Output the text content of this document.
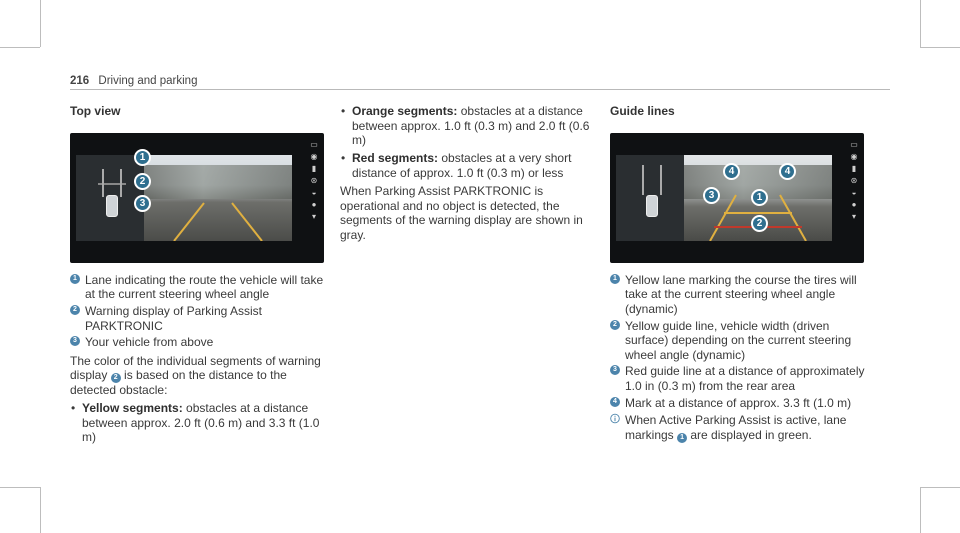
216 Driving and parking
Top view
▭
◉
▮
⊛
◒
●
▾
1
2
3
1 Lane indicating the route the vehicle will take at the current steering wheel angle
2 Warning display of Parking Assist PARKTRONIC
3 Your vehicle from above
The color of the individual segments of warning display 2 is based on the distance to the detected obstacle:
• Yellow segments: obstacles at a distance between approx. 2.0 ft (0.6 m) and 3.3 ft (1.0 m)
• Orange segments: obstacles at a distance between approx. 1.0 ft (0.3 m) and 2.0 ft (0.6 m)
• Red segments: obstacles at a very short distance of approx. 1.0 ft (0.3 m) or less
When Parking Assist PARKTRONIC is operational and no object is detected, the segments of the warning display are shown in gray.
Guide lines
▭
◉
▮
⊛
◒
●
▾
4	4
3	1
2
1 Yellow lane marking the course the tires will take at the current steering wheel angle (dynamic)
2 Yellow guide line, vehicle width (driven surface) depending on the current steering wheel angle (dynamic)
3 Red guide line at a distance of approximately 1.0 in (0.3 m) from the rear area
4 Mark at a distance of approx. 3.3 ft (1.0 m)
When Active Parking Assist is active, lane markings 1 are displayed in green.
